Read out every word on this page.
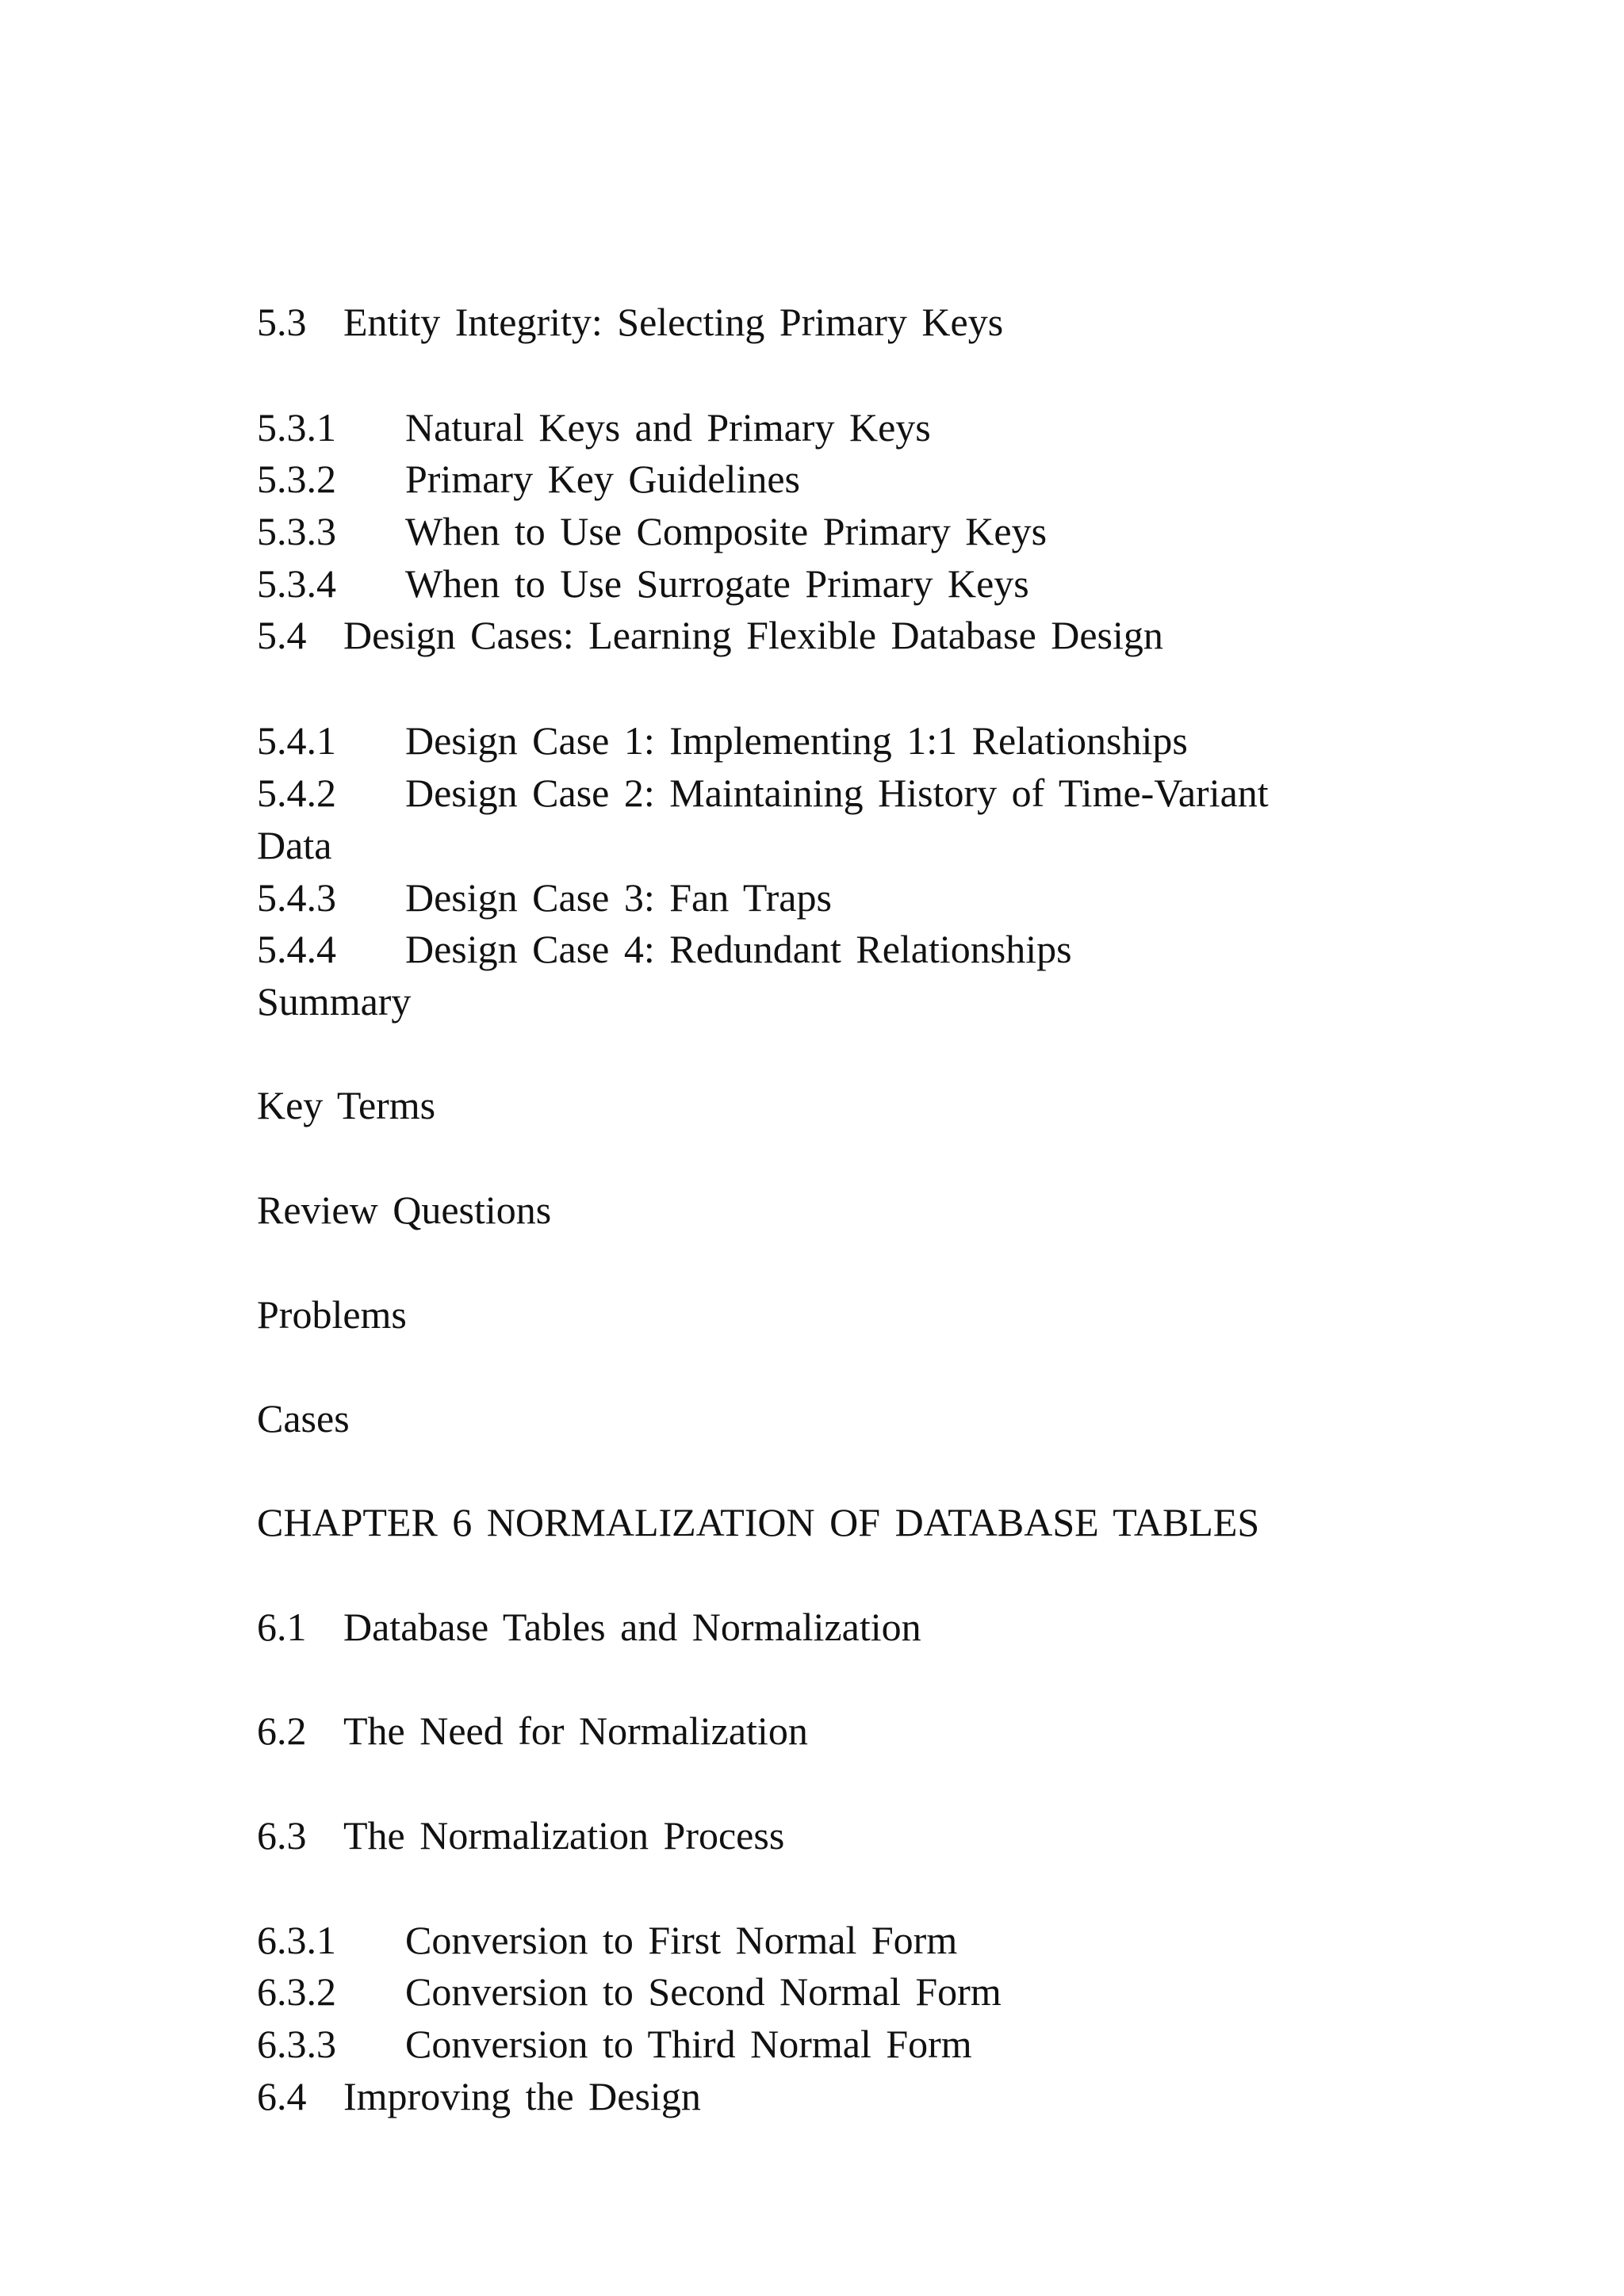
5.3 Entity Integrity: Selecting Primary Keys

5.3.1 Natural Keys and Primary Keys

5.3.2 Primary Key Guidelines

5.3.3 When to Use Composite Primary Keys

5.3.4 When to Use Surrogate Primary Keys

5.4 Design Cases: Learning Flexible Database Design

5.4.1 Design Case 1: Implementing 1:1 Relationships

5.4.2 Design Case 2: Maintaining History of Time-Variant

Data

5.4.3 Design Case 3: Fan Traps

5.4.4 Design Case 4: Redundant Relationships

Summary

Key Terms

Review Questions

Problems

Cases

CHAPTER 6 NORMALIZATION OF DATABASE TABLES

6.1 Database Tables and Normalization

6.2 The Need for Normalization

6.3 The Normalization Process

6.3.1 Conversion to First Normal Form

6.3.2 Conversion to Second Normal Form

6.3.3 Conversion to Third Normal Form

6.4 Improving the Design
